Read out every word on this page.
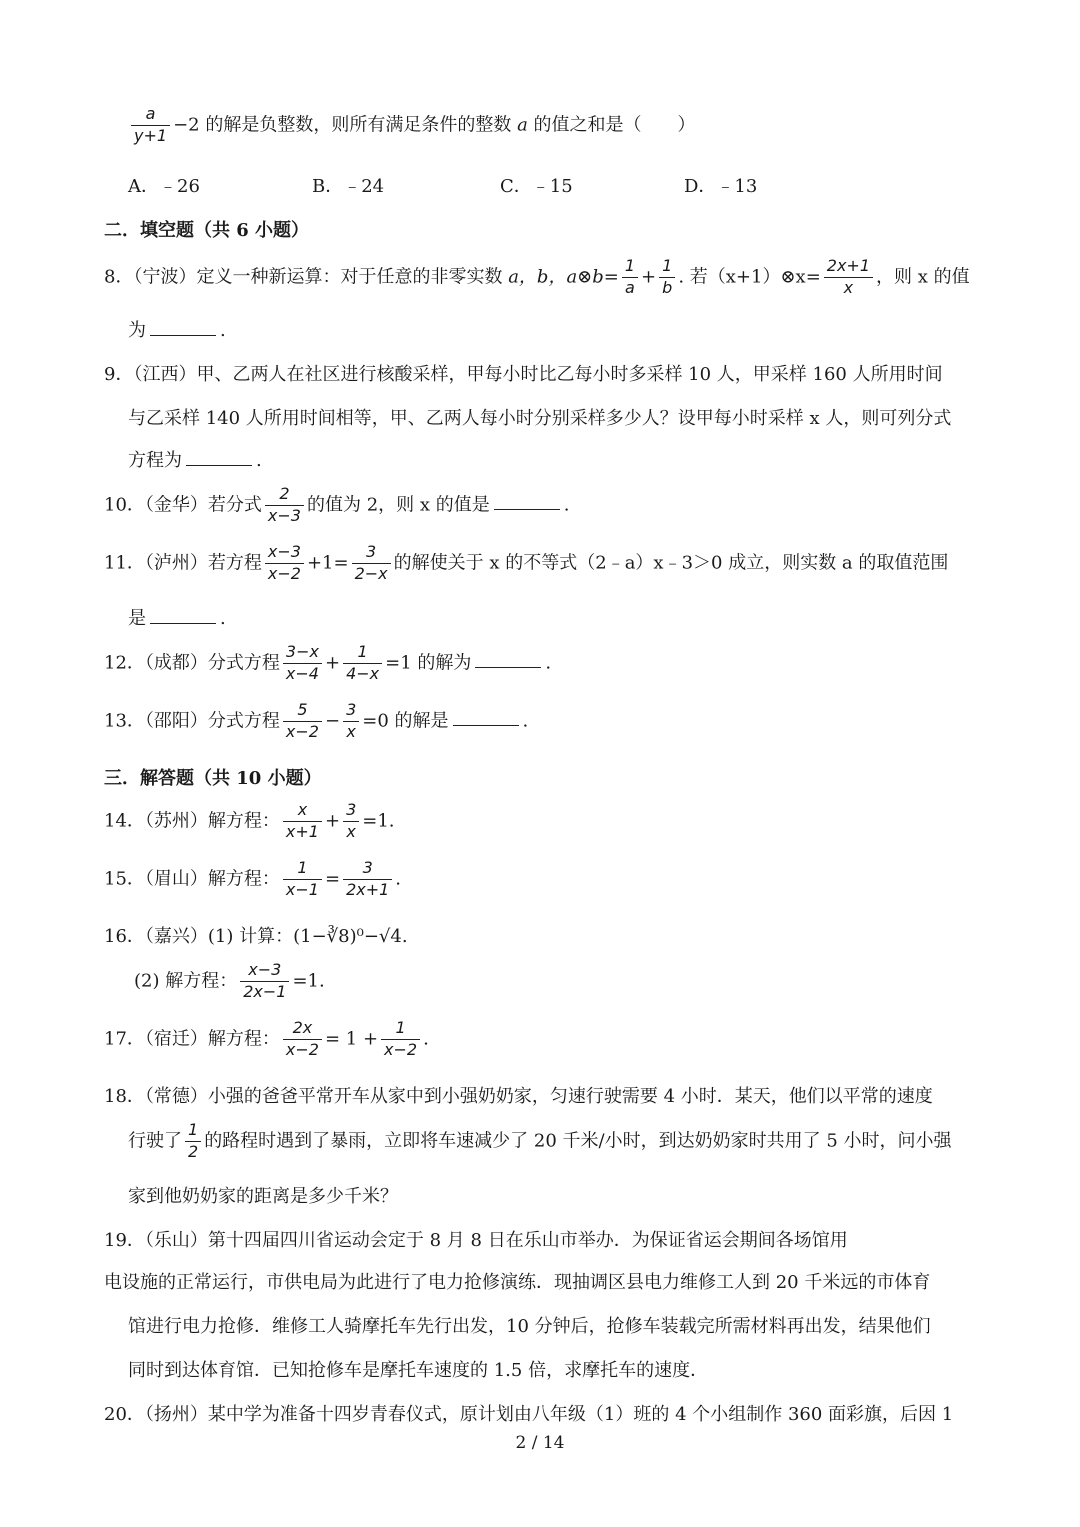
$\frac{a}{y+1} -2$ 的解是负整数，则所有满足条件的整数 a 的值之和是（　　）
A．﹣26	B．﹣24	C．﹣15	D．﹣13
二．填空题（共 6 小题）
8．（宁波）定义一种新运算：对于任意的非零实数 a，b，a⊗b= $\frac{1}{a} + \frac{1}{b}$ . 若（x+1）⊗x= $\frac{2x+1}{x}$ ，则 x 的值
为	.
9．（江西）甲、乙两人在社区进行核酸采样，甲每小时比乙每小时多采样 10 人，甲采样 160 人所用时间
与乙采样 140 人所用时间相等，甲、乙两人每小时分别采样多少人？设甲每小时采样 x 人，则可列分式
方程为	.
10．（金华）若分式 $\frac{2}{x-3}$ 的值为 2，则 x 的值是	.
11．（泸州）若方程 $\frac{x-3}{x-2} +1= \frac{3}{2-x}$ 的解使关于 x 的不等式（2﹣a）x﹣3＞0 成立，则实数 a 的取值范围
是	.
12．（成都）分式方程 $\frac{3-x}{x-4} + \frac{1}{4-x} =1$ 的解为	.
13．（邵阳）分式方程 $\frac{5}{x-2} - \frac{3}{x} =0$ 的解是	.
三．解答题（共 10 小题）
14．（苏州）解方程： $\frac{x}{x+1} + \frac{3}{x} =1$.
15．（眉山）解方程： $\frac{1}{x-1} = \frac{3}{2x+1}$ .
16．（嘉兴）(1) 计算：(1−∛8)⁰−√4.
(2) 解方程： $\frac{x-3}{2x-1} =1$.
17．（宿迁）解方程： $\frac{2x}{x-2} = 1 + \frac{1}{x-2}$ .
18．（常德）小强的爸爸平常开车从家中到小强奶奶家，匀速行驶需要 4 小时．某天，他们以平常的速度
行驶了 $\frac{1}{2}$ 的路程时遇到了暴雨，立即将车速减少了 20 千米/小时，到达奶奶家时共用了 5 小时，问小强
家到他奶奶家的距离是多少千米？
19．（乐山）第十四届四川省运动会定于 8 月 8 日在乐山市举办．为保证省运会期间各场馆用
电设施的正常运行，市供电局为此进行了电力抢修演练．现抽调区县电力维修工人到 20 千米远的市体育
馆进行电力抢修．维修工人骑摩托车先行出发，10 分钟后，抢修车装载完所需材料再出发，结果他们
同时到达体育馆．已知抢修车是摩托车速度的 1.5 倍，求摩托车的速度．
20．（扬州）某中学为准备十四岁青春仪式，原计划由八年级（1）班的 4 个小组制作 360 面彩旗，后因 1
2 / 14
